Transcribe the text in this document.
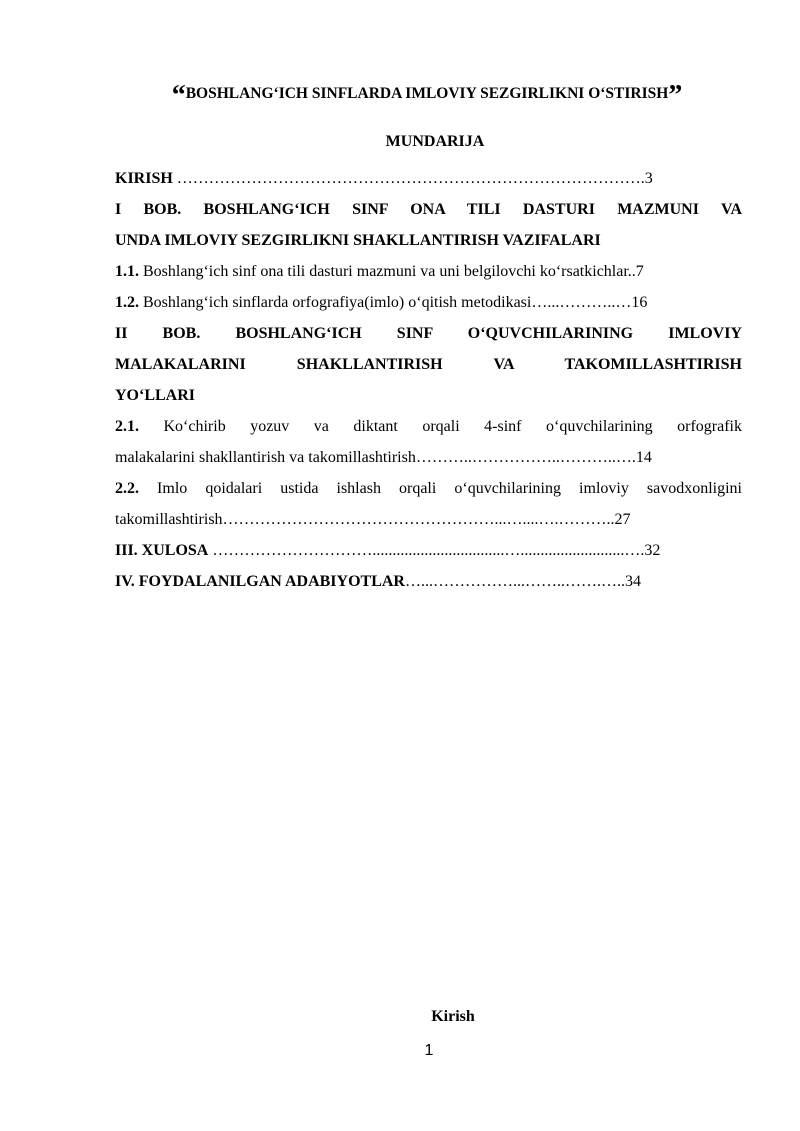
“BOSHLANG‘ICH SINFLARDA IMLOVIY SEZGIRLIKNI O‘STIRISH”
MUNDARIJA

KIRISH …………………………………………………………………………….3

I BOB. BOSHLANG‘ICH SINF ONA TILI DASTURI MAZMUNI VA
UNDA IMLOVIY SEZGIRLIKNI SHAKLLANTIRISH VAZIFALARI

1.1. Boshlang‘ich sinf ona tili dasturi mazmuni va uni belgilovchi ko‘rsatkichlar..7

1.2. Boshlang‘ich sinflarda orfografiya(imlo) o‘qitish metodikasi…...………..…16

II BOB. BOSHLANG‘ICH SINF O‘QUVCHILARINING IMLOVIY
MALAKALARINI SHAKLLANTIRISH VA TAKOMILLASHTIRISH
YO‘LLARI
2.1. Ko‘chirib yozuv va diktant orqali 4-sinf o‘quvchilarining orfografik
malakalarini shakllantirish va takomillashtirish………..……………..………..….14
2.2. Imlo qoidalari ustida ishlash orqali o‘quvchilarining imloviy savodxonligini
takomillashtirish……………………………………………...…....….………..27

III. XULOSA ………………………….................................…..........................….32

IV. FOYDALANILGAN ADABIYOTLAR…...……………...……..…….…..34

Kirish
1
